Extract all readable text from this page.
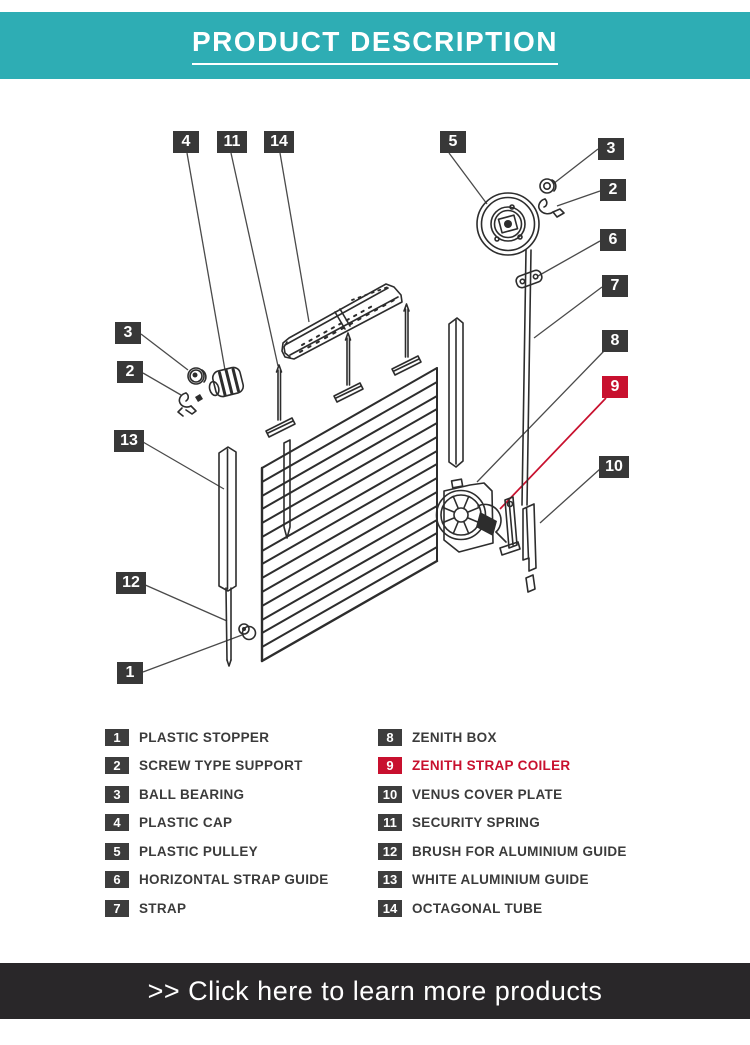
PRODUCT DESCRIPTION
4	11	14	5	3
2
6
7
8
9
10
3
2
13
12
1
1	PLASTIC STOPPER
2	SCREW TYPE SUPPORT
3	BALL BEARING
4	PLASTIC CAP
5	PLASTIC PULLEY
6	HORIZONTAL STRAP GUIDE
7	STRAP
8	ZENITH BOX
9	ZENITH STRAP COILER
10	VENUS COVER PLATE
11	SECURITY SPRING
12	BRUSH FOR ALUMINIUM GUIDE
13	WHITE ALUMINIUM GUIDE
14	OCTAGONAL TUBE
>> Click here to learn more products
